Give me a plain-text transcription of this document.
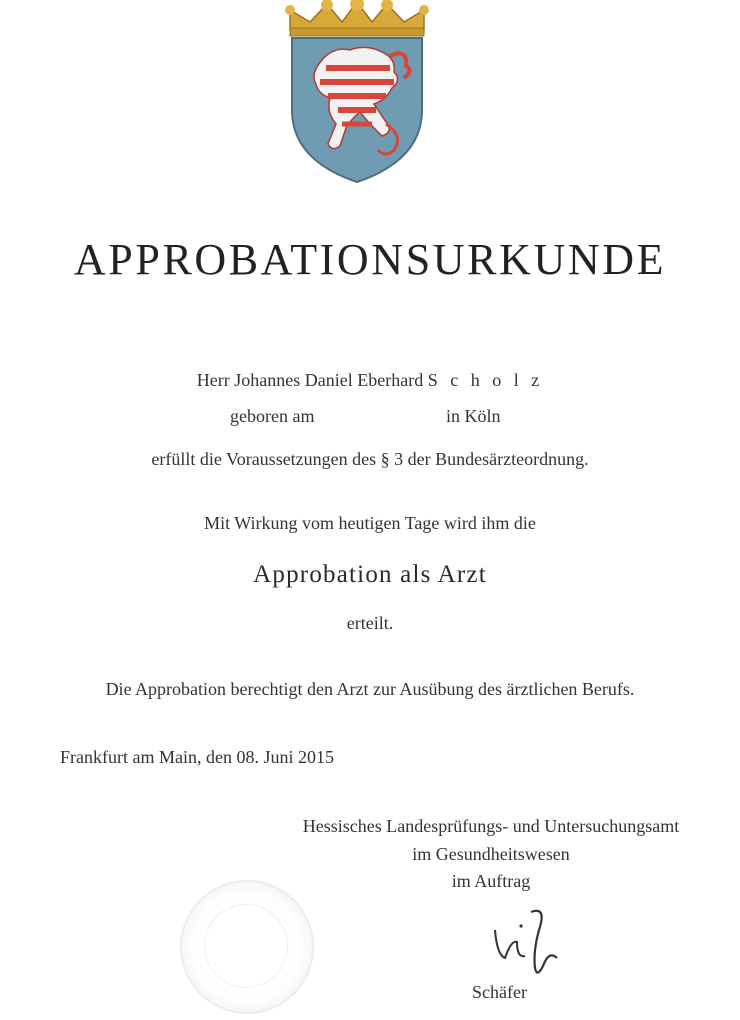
APPROBATIONSURKUNDE
Herr Johannes Daniel Eberhard S c h o l z
geboren am	in Köln
erfüllt die Voraussetzungen des § 3 der Bundesärzteordnung.
Mit Wirkung vom heutigen Tage wird ihm die
Approbation als Arzt
erteilt.
Die Approbation berechtigt den Arzt zur Ausübung des ärztlichen Berufs.
Frankfurt am Main, den 08. Juni 2015
Hessisches Landesprüfungs- und Untersuchungsamt
im Gesundheitswesen
im Auftrag
Schäfer
